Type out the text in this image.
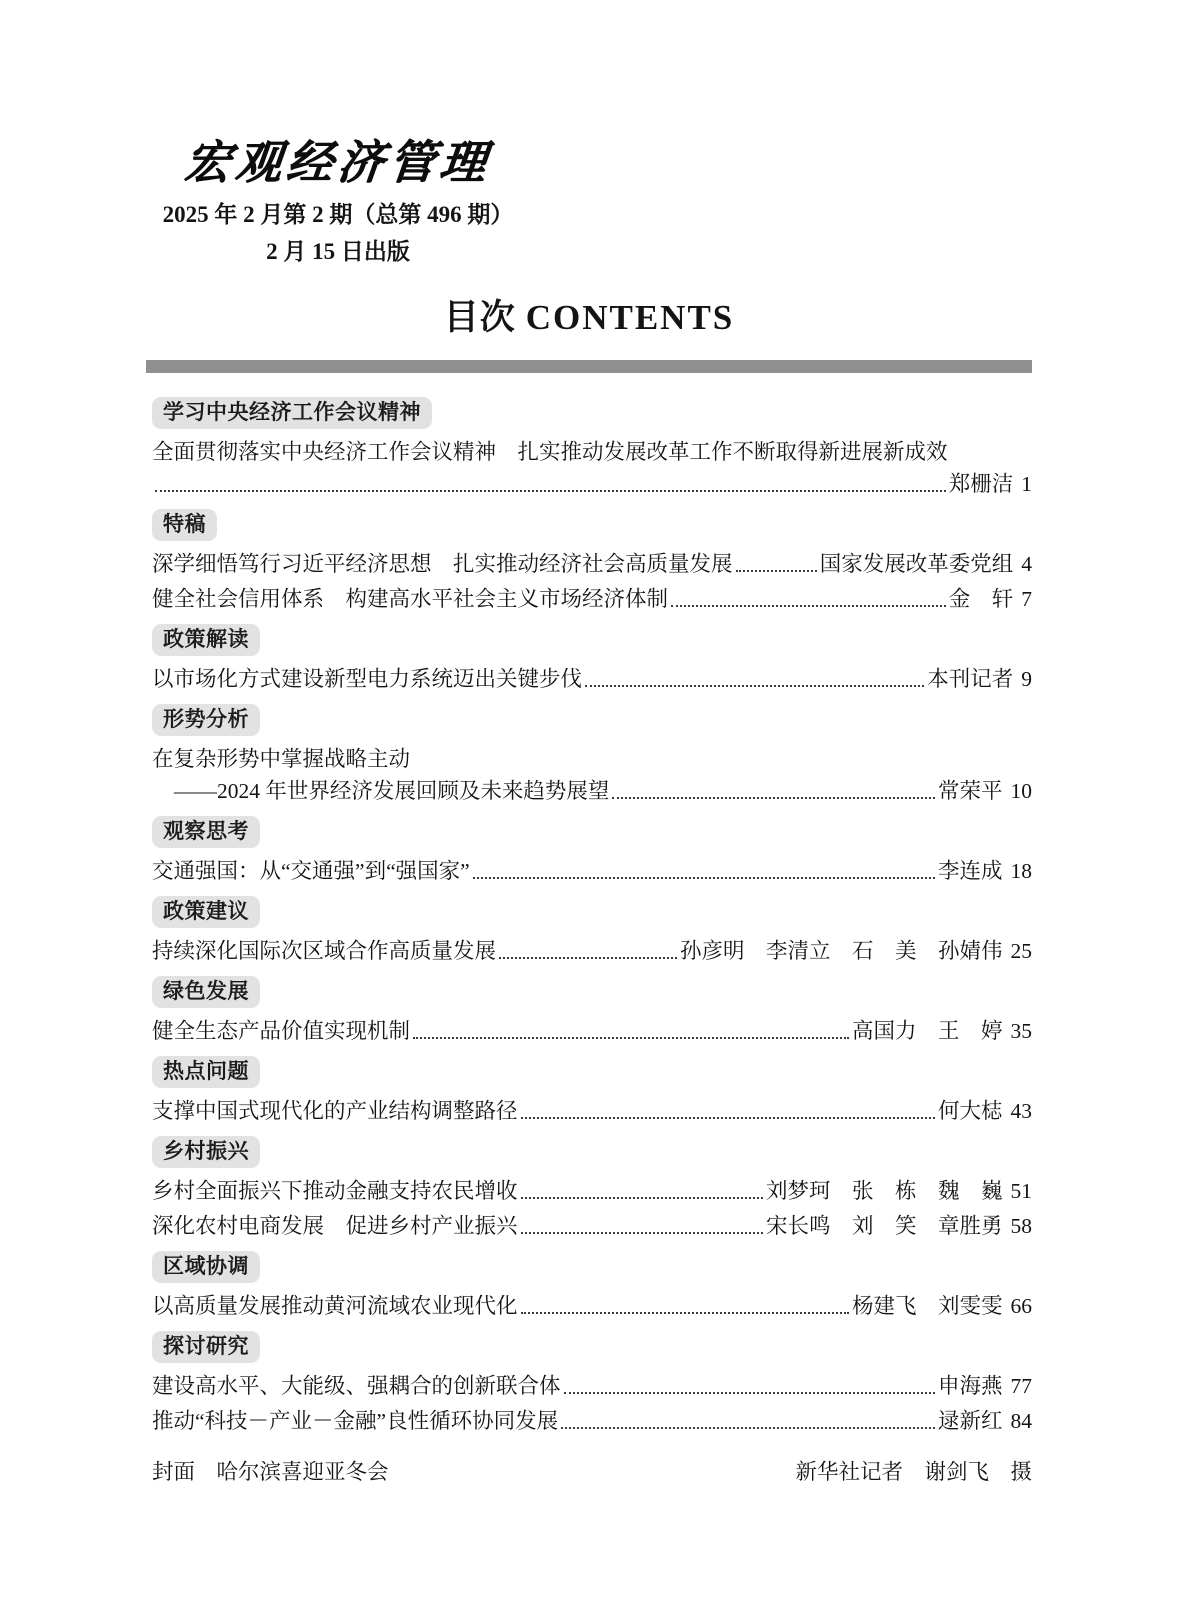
宏观经济管理
2025 年 2 月第 2 期（总第 496 期）
2 月 15 日出版
目次 CONTENTS
学习中央经济工作会议精神
全面贯彻落实中央经济工作会议精神　扎实推动发展改革工作不断取得新进展新成效
郑栅洁 1
特稿
深学细悟笃行习近平经济思想　扎实推动经济社会高质量发展	国家发展改革委党组 4
健全社会信用体系　构建高水平社会主义市场经济体制	金　轩 7
政策解读
以市场化方式建设新型电力系统迈出关键步伐	本刊记者 9
形势分析
在复杂形势中掌握战略主动
——2024 年世界经济发展回顾及未来趋势展望	常荣平 10
观察思考
交通强国：从“交通强”到“强国家”	李连成 18
政策建议
持续深化国际次区域合作高质量发展	孙彦明　李清立　石　美　孙婧伟 25
绿色发展
健全生态产品价值实现机制	高国力　王　婷 35
热点问题
支撑中国式现代化的产业结构调整路径	何大梽 43
乡村振兴
乡村全面振兴下推动金融支持农民增收	刘梦珂　张　栋　魏　巍 51
深化农村电商发展　促进乡村产业振兴	宋长鸣　刘　笑　章胜勇 58
区域协调
以高质量发展推动黄河流域农业现代化	杨建飞　刘雯雯 66
探讨研究
建设高水平、大能级、强耦合的创新联合体	申海燕 77
推动“科技－产业－金融”良性循环协同发展	逯新红 84
封面　哈尔滨喜迎亚冬会	新华社记者　谢剑飞　摄
